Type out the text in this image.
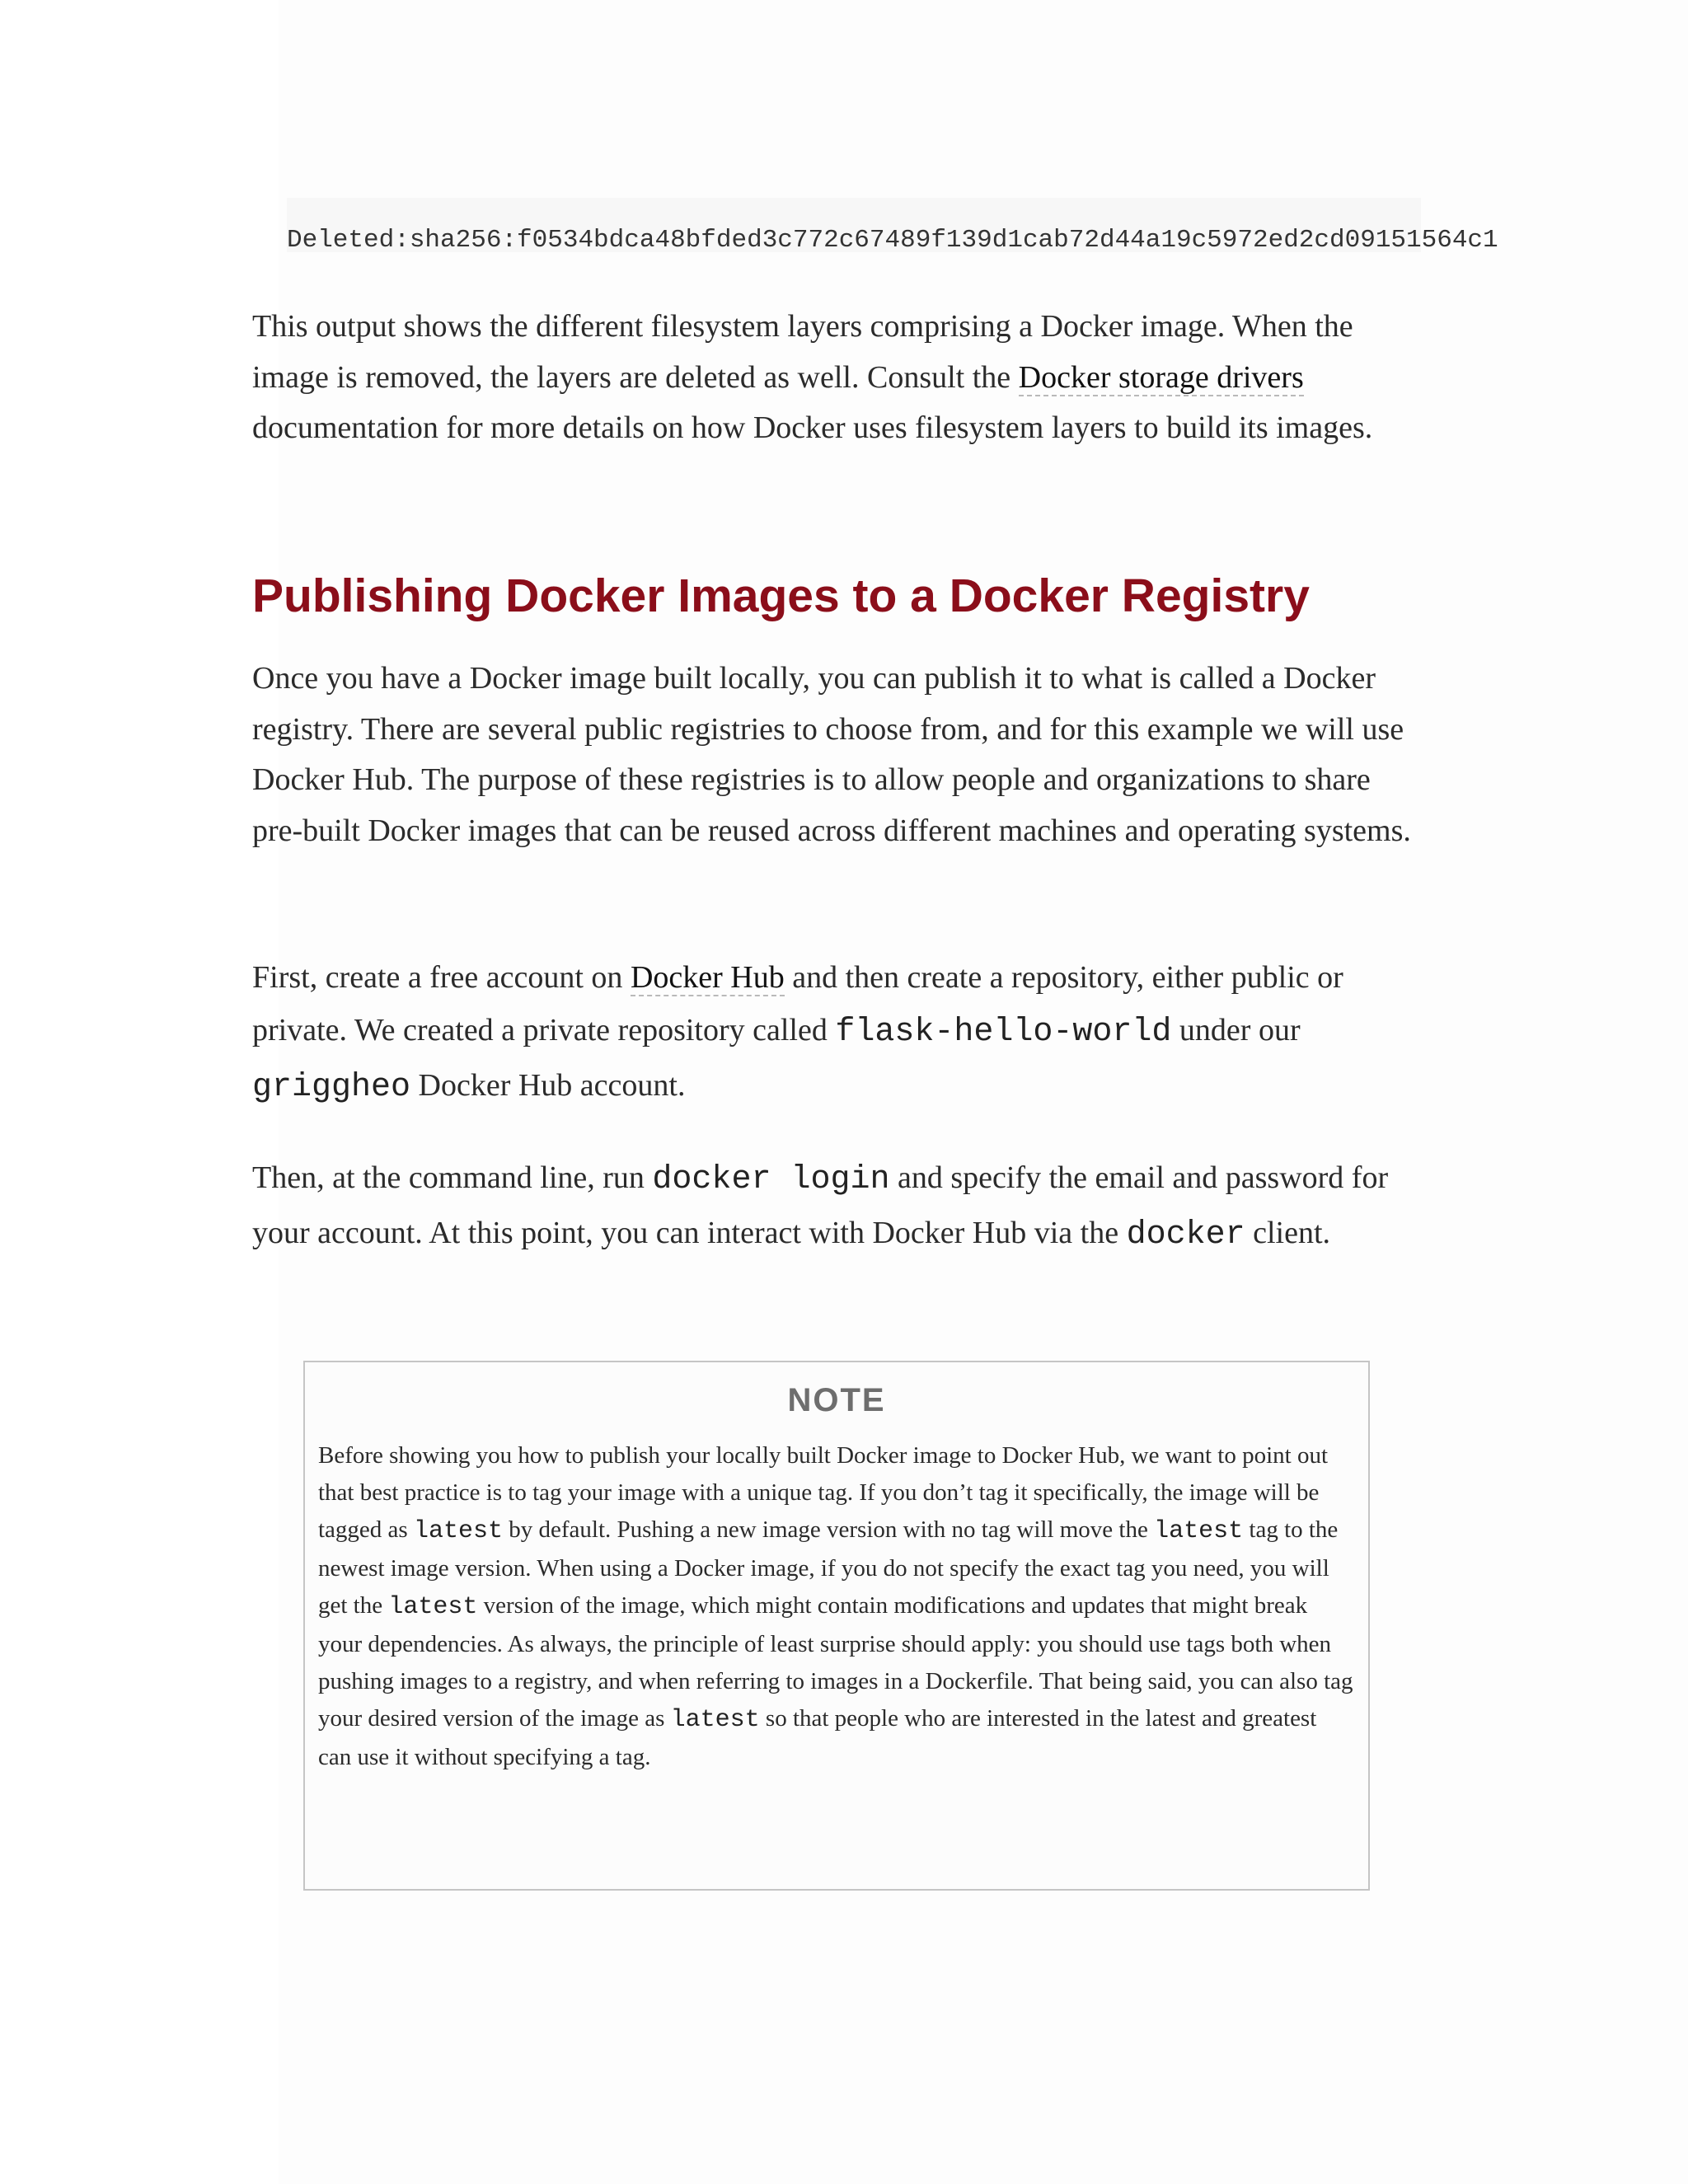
Deleted:sha256:f0534bdca48bfded3c772c67489f139d1cab72d44a19c5972ed2cd09151564c1

This output shows the different filesystem layers comprising a Docker image. When the image is removed, the layers are deleted as well. Consult the Docker storage drivers documentation for more details on how Docker uses filesystem layers to build its images.

Publishing Docker Images to a Docker Registry

Once you have a Docker image built locally, you can publish it to what is called a Docker registry. There are several public registries to choose from, and for this example we will use Docker Hub. The purpose of these registries is to allow people and organizations to share pre-built Docker images that can be reused across different machines and operating systems.

First, create a free account on Docker Hub and then create a repository, either public or private. We created a private repository called flask-hello-world under our griggheo Docker Hub account.

Then, at the command line, run docker login and specify the email and password for your account. At this point, you can interact with Docker Hub via the docker client.

NOTE

Before showing you how to publish your locally built Docker image to Docker Hub, we want to point out that best practice is to tag your image with a unique tag. If you don’t tag it specifically, the image will be tagged as latest by default. Pushing a new image version with no tag will move the latest tag to the newest image version. When using a Docker image, if you do not specify the exact tag you need, you will get the latest version of the image, which might contain modifications and updates that might break your dependencies. As always, the principle of least surprise should apply: you should use tags both when pushing images to a registry, and when referring to images in a Dockerfile. That being said, you can also tag your desired version of the image as latest so that people who are interested in the latest and greatest can use it without specifying a tag.
